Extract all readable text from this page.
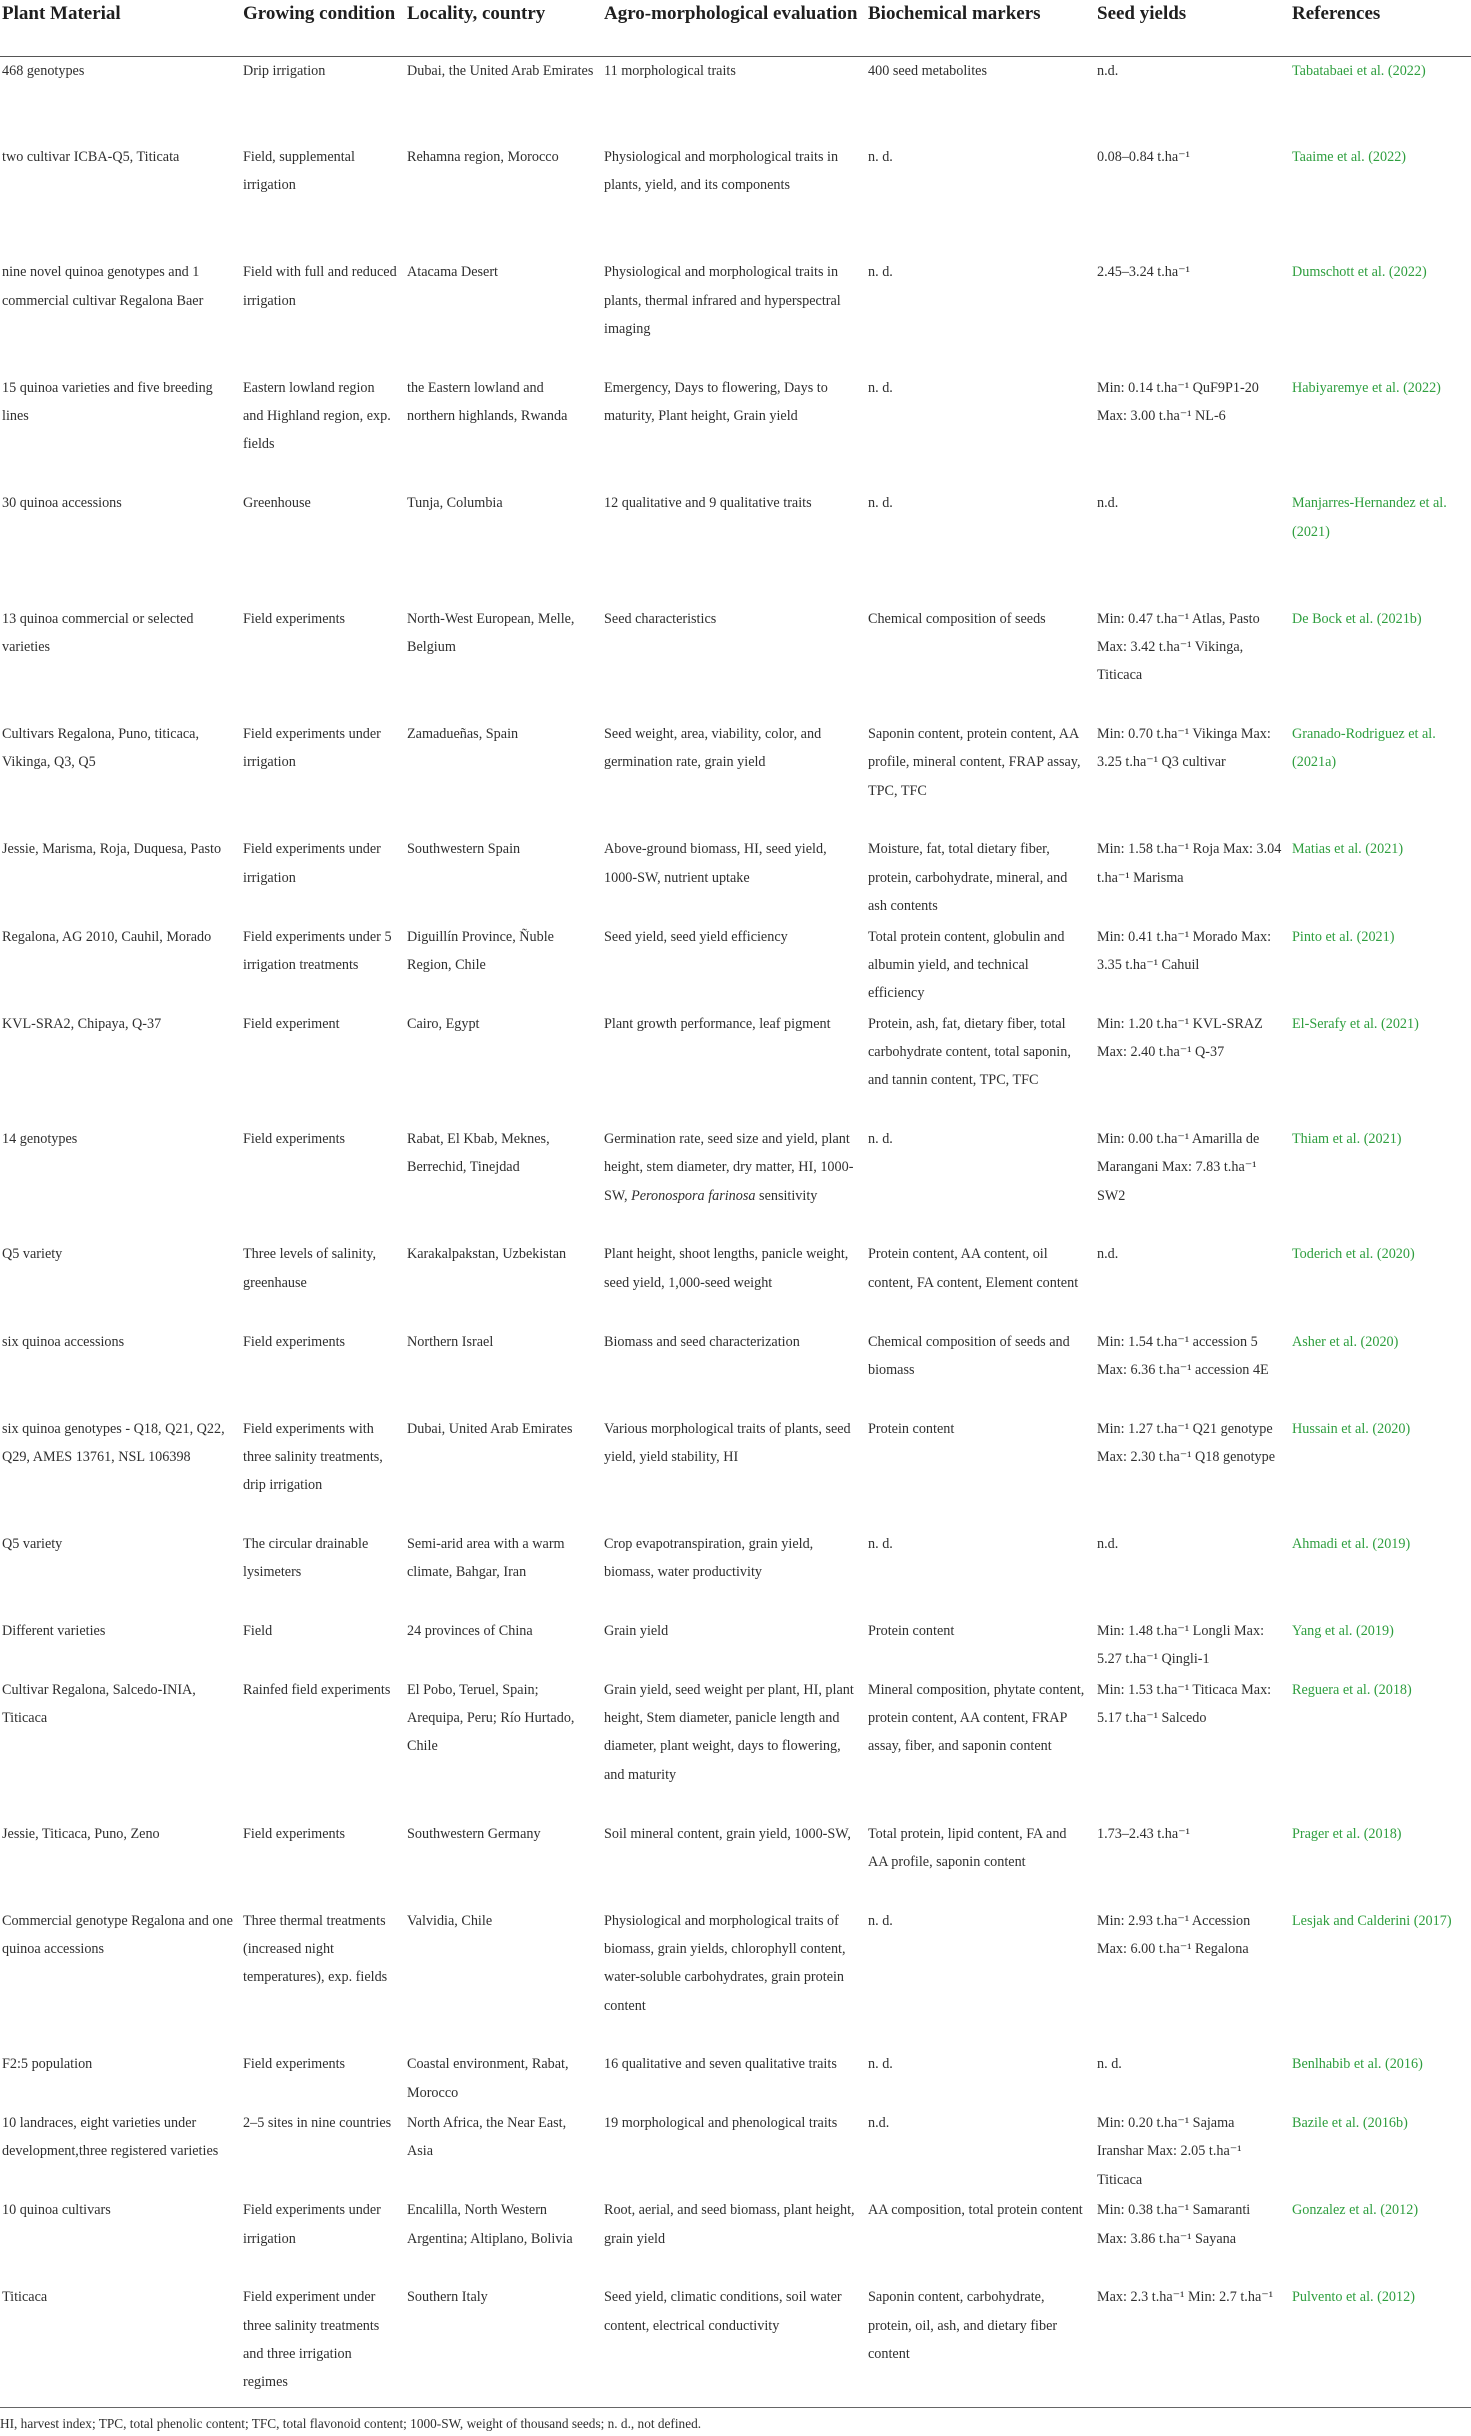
Plant Material	Growing condition	Locality, country	Agro-morphological evaluation	Biochemical markers	Seed yields	References

468 genotypes	Drip irrigation	Dubai, the United Arab Emirates	11 morphological traits	400 seed metabolites	n.d.	Tabatabaei et al. (2022)
two cultivar ICBA-Q5, Titicata	Field, supplemental irrigation	Rehamna region, Morocco	Physiological and morphological traits in plants, yield, and its components	n. d.	0.08–0.84 t.ha⁻¹	Taaime et al. (2022)
nine novel quinoa genotypes and 1 commercial cultivar Regalona Baer	Field with full and reduced irrigation	Atacama Desert	Physiological and morphological traits in plants, thermal infrared and hyperspectral imaging	n. d.	2.45–3.24 t.ha⁻¹	Dumschott et al. (2022)
15 quinoa varieties and five breeding lines	Eastern lowland region and Highland region, exp. fields	the Eastern lowland and northern highlands, Rwanda	Emergency, Days to flowering, Days to maturity, Plant height, Grain yield	n. d.	Min: 0.14 t.ha⁻¹ QuF9P1-20 Max: 3.00 t.ha⁻¹ NL-6	Habiyaremye et al. (2022)
30 quinoa accessions	Greenhouse	Tunja, Columbia	12 qualitative and 9 qualitative traits	n. d.	n.d.	Manjarres-Hernandez et al. (2021)
13 quinoa commercial or selected varieties	Field experiments	North-West European, Melle, Belgium	Seed characteristics	Chemical composition of seeds	Min: 0.47 t.ha⁻¹ Atlas, Pasto Max: 3.42 t.ha⁻¹ Vikinga, Titicaca	De Bock et al. (2021b)
Cultivars Regalona, Puno, titicaca, Vikinga, Q3, Q5	Field experiments under irrigation	Zamadueñas, Spain	Seed weight, area, viability, color, and germination rate, grain yield	Saponin content, protein content, AA profile, mineral content, FRAP assay, TPC, TFC	Min: 0.70 t.ha⁻¹ Vikinga Max: 3.25 t.ha⁻¹ Q3 cultivar	Granado-Rodriguez et al. (2021a)
Jessie, Marisma, Roja, Duquesa, Pasto	Field experiments under irrigation	Southwestern Spain	Above-ground biomass, HI, seed yield, 1000-SW, nutrient uptake	Moisture, fat, total dietary fiber, protein, carbohydrate, mineral, and ash contents	Min: 1.58 t.ha⁻¹ Roja Max: 3.04 t.ha⁻¹ Marisma	Matias et al. (2021)
Regalona, AG 2010, Cauhil, Morado	Field experiments under 5 irrigation treatments	Diguillín Province, Ñuble Region, Chile	Seed yield, seed yield efficiency	Total protein content, globulin and albumin yield, and technical efficiency	Min: 0.41 t.ha⁻¹ Morado Max: 3.35 t.ha⁻¹ Cahuil	Pinto et al. (2021)
KVL-SRA2, Chipaya, Q-37	Field experiment	Cairo, Egypt	Plant growth performance, leaf pigment	Protein, ash, fat, dietary fiber, total carbohydrate content, total saponin, and tannin content, TPC, TFC	Min: 1.20 t.ha⁻¹ KVL-SRAZ Max: 2.40 t.ha⁻¹ Q-37	El-Serafy et al. (2021)
14 genotypes	Field experiments	Rabat, El Kbab, Meknes, Berrechid, Tinejdad	Germination rate, seed size and yield, plant height, stem diameter, dry matter, HI, 1000-SW, Peronospora farinosa sensitivity	n. d.	Min: 0.00 t.ha⁻¹ Amarilla de Marangani Max: 7.83 t.ha⁻¹ SW2	Thiam et al. (2021)
Q5 variety	Three levels of salinity, greenhause	Karakalpakstan, Uzbekistan	Plant height, shoot lengths, panicle weight, seed yield, 1,000-seed weight	Protein content, AA content, oil content, FA content, Element content	n.d.	Toderich et al. (2020)
six quinoa accessions	Field experiments	Northern Israel	Biomass and seed characterization	Chemical composition of seeds and biomass	Min: 1.54 t.ha⁻¹ accession 5 Max: 6.36 t.ha⁻¹ accession 4E	Asher et al. (2020)
six quinoa genotypes - Q18, Q21, Q22, Q29, AMES 13761, NSL 106398	Field experiments with three salinity treatments, drip irrigation	Dubai, United Arab Emirates	Various morphological traits of plants, seed yield, yield stability, HI	Protein content	Min: 1.27 t.ha⁻¹ Q21 genotype Max: 2.30 t.ha⁻¹ Q18 genotype	Hussain et al. (2020)
Q5 variety	The circular drainable lysimeters	Semi-arid area with a warm climate, Bahgar, Iran	Crop evapotranspiration, grain yield, biomass, water productivity	n. d.	n.d.	Ahmadi et al. (2019)
Different varieties	Field	24 provinces of China	Grain yield	Protein content	Min: 1.48 t.ha⁻¹ Longli Max: 5.27 t.ha⁻¹ Qingli-1	Yang et al. (2019)
Cultivar Regalona, Salcedo-INIA, Titicaca	Rainfed field experiments	El Pobo, Teruel, Spain; Arequipa, Peru; Río Hurtado, Chile	Grain yield, seed weight per plant, HI, plant height, Stem diameter, panicle length and diameter, plant weight, days to flowering, and maturity	Mineral composition, phytate content, protein content, AA content, FRAP assay, fiber, and saponin content	Min: 1.53 t.ha⁻¹ Titicaca Max: 5.17 t.ha⁻¹ Salcedo	Reguera et al. (2018)
Jessie, Titicaca, Puno, Zeno	Field experiments	Southwestern Germany	Soil mineral content, grain yield, 1000-SW,	Total protein, lipid content, FA and AA profile, saponin content	1.73–2.43 t.ha⁻¹	Prager et al. (2018)
Commercial genotype Regalona and one quinoa accessions	Three thermal treatments (increased night temperatures), exp. fields	Valvidia, Chile	Physiological and morphological traits of biomass, grain yields, chlorophyll content, water-soluble carbohydrates, grain protein content	n. d.	Min: 2.93 t.ha⁻¹ Accession Max: 6.00 t.ha⁻¹ Regalona	Lesjak and Calderini (2017)
F2:5 population	Field experiments	Coastal environment, Rabat, Morocco	16 qualitative and seven qualitative traits	n. d.	n. d.	Benlhabib et al. (2016)
10 landraces, eight varieties under development,three registered varieties	2–5 sites in nine countries	North Africa, the Near East, Asia	19 morphological and phenological traits	n.d.	Min: 0.20 t.ha⁻¹ Sajama Iranshar Max: 2.05 t.ha⁻¹ Titicaca	Bazile et al. (2016b)
10 quinoa cultivars	Field experiments under irrigation	Encalilla, North Western Argentina; Altiplano, Bolivia	Root, aerial, and seed biomass, plant height, grain yield	AA composition, total protein content	Min: 0.38 t.ha⁻¹ Samaranti Max: 3.86 t.ha⁻¹ Sayana	Gonzalez et al. (2012)
Titicaca	Field experiment under three salinity treatments and three irrigation regimes	Southern Italy	Seed yield, climatic conditions, soil water content, electrical conductivity	Saponin content, carbohydrate, protein, oil, ash, and dietary fiber content	Max: 2.3 t.ha⁻¹ Min: 2.7 t.ha⁻¹	Pulvento et al. (2012)
HI, harvest index; TPC, total phenolic content; TFC, total flavonoid content; 1000-SW, weight of thousand seeds; n. d., not defined.
